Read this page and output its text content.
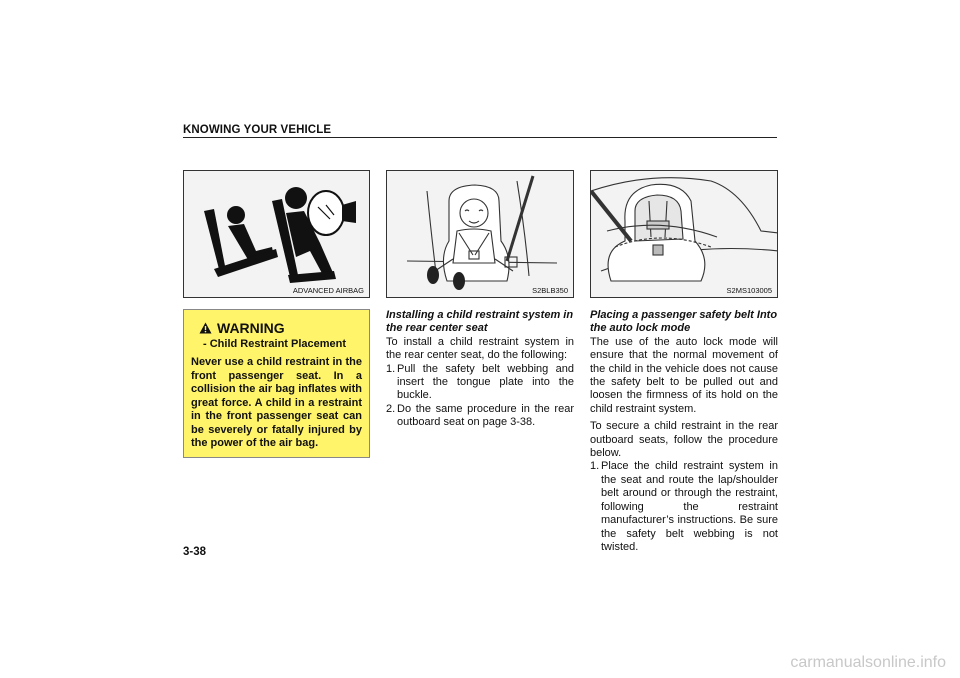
KNOWING YOUR VEHICLE
ADVANCED AIRBAG	S2BLB350	S2MS103005
WARNING
- Child Restraint Placement
Never use a child restraint in the front passenger seat. In a collision the air bag inflates with great force. A child in a restraint in the front passenger seat can be severely or fatally injured by the power of the air bag.
Installing a child restraint system in the rear center seat
To install a child restraint system in the rear center seat, do the following:
1. Pull the safety belt webbing and insert the tongue plate into the buckle.
2. Do the same procedure in the rear outboard seat on page 3-38.
Placing a passenger safety belt Into the auto lock mode
The use of the auto lock mode will ensure that the normal movement of the child in the vehicle does not cause the safety belt to be pulled out and loosen the firmness of its hold on the child restraint system.
To secure a child restraint in the rear outboard seats, follow the procedure below.
1. Place the child restraint system in the seat and route the lap/shoulder belt around or through the restraint, following the restraint manufacturer’s instructions. Be sure the safety belt webbing is not twisted.
3-38
carmanualsonline.info
